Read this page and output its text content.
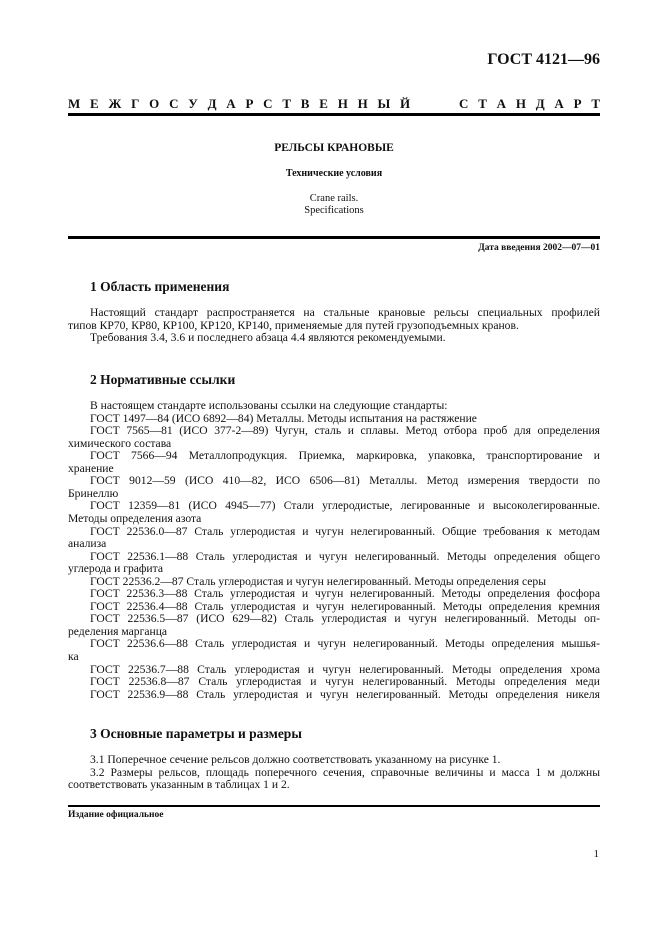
ГОСТ 4121—96
М Е Ж Г О С У Д А Р С Т В Е Н Н Ы Й     С Т А Н Д А Р Т
РЕЛЬСЫ КРАНОВЫЕ
Технические условия
Crane rails.
Specifications
Дата введения 2002—07—01
1 Область применения
Настоящий стандарт распространяется на стальные крановые рельсы специальных профилей
типов КР70, КР80, КР100, КР120, КР140, применяемые для путей грузоподъемных кранов.
Требования 3.4, 3.6 и последнего абзаца 4.4 являются рекомендуемыми.
2 Нормативные ссылки
В настоящем стандарте использованы ссылки на следующие стандарты:
ГОСТ 1497—84 (ИСО 6892—84) Металлы. Методы испытания на растяжение
ГОСТ 7565—81 (ИСО 377-2—89) Чугун, сталь и сплавы. Метод отбора проб для определения
химического состава
ГОСТ 7566—94 Металлопродукция. Приемка, маркировка, упаковка, транспортирование и
хранение
ГОСТ 9012—59 (ИСО 410—82, ИСО 6506—81) Металлы. Метод измерения твердости по
Бринеллю
ГОСТ 12359—81 (ИСО 4945—77) Стали углеродистые, легированные и высоколегированные.
Методы определения азота
ГОСТ 22536.0—87 Сталь углеродистая и чугун нелегированный. Общие требования к методам
анализа
ГОСТ 22536.1—88 Сталь углеродистая и чугун нелегированный. Методы определения общего
углерода и графита
ГОСТ 22536.2—87 Сталь углеродистая и чугун нелегированный. Методы определения серы
ГОСТ 22536.3—88 Сталь углеродистая и чугун нелегированный. Методы определения фосфора
ГОСТ 22536.4—88 Сталь углеродистая и чугун нелегированный. Методы определения кремния
ГОСТ 22536.5—87 (ИСО 629—82) Сталь углеродистая и чугун нелегированный. Методы оп-
ределения марганца
ГОСТ 22536.6—88 Сталь углеродистая и чугун нелегированный. Методы определения мышья-
ка
ГОСТ 22536.7—88 Сталь углеродистая и чугун нелегированный. Методы определения хрома
ГОСТ 22536.8—87 Сталь углеродистая и чугун нелегированный. Методы определения меди
ГОСТ 22536.9—88 Сталь углеродистая и чугун нелегированный. Методы определения никеля
3 Основные параметры и размеры
3.1 Поперечное сечение рельсов должно соответствовать указанному на рисунке 1.
3.2 Размеры рельсов, площадь поперечного сечения, справочные величины и масса 1 м должны
соответствовать указанным в таблицах 1 и 2.
Издание официальное
1
